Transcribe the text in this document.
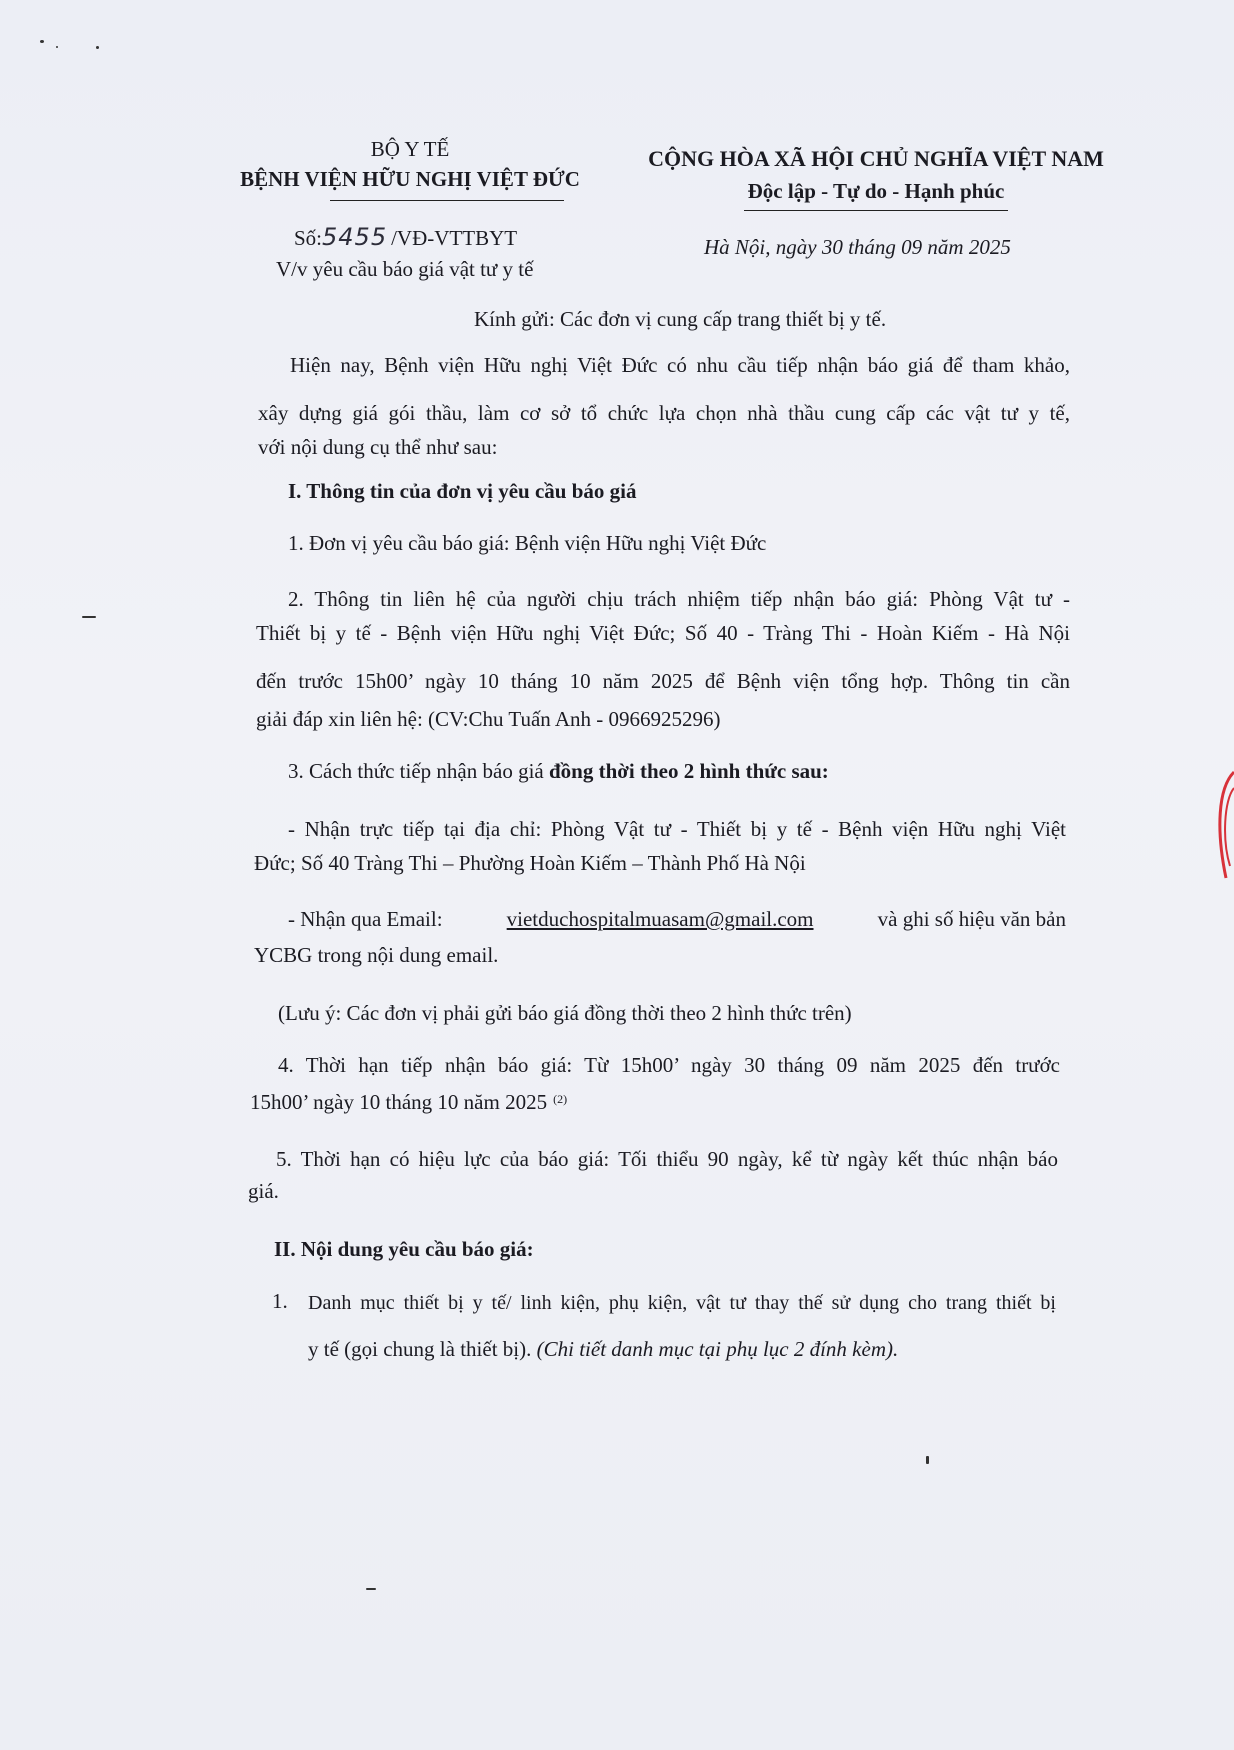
BỘ Y TẾ
BỆNH VIỆN HỮU NGHỊ VIỆT ĐỨC
Số:5455 /VĐ-VTTBYT
V/v yêu cầu báo giá vật tư y tế
CỘNG HÒA XÃ HỘI CHỦ NGHĨA VIỆT NAM
Độc lập - Tự do - Hạnh phúc
Hà Nội, ngày 30 tháng 09 năm 2025
Kính gửi: Các đơn vị cung cấp trang thiết bị y tế.
Hiện nay, Bệnh viện Hữu nghị Việt Đức có nhu cầu tiếp nhận báo giá để tham khảo,
xây dựng giá gói thầu, làm cơ sở tổ chức lựa chọn nhà thầu cung cấp các vật tư y tế,
với nội dung cụ thể như sau:
I. Thông tin của đơn vị yêu cầu báo giá
1. Đơn vị yêu cầu báo giá: Bệnh viện Hữu nghị Việt Đức
2. Thông tin liên hệ của người chịu trách nhiệm tiếp nhận báo giá: Phòng Vật tư -
Thiết bị y tế - Bệnh viện Hữu nghị Việt Đức; Số 40 - Tràng Thi - Hoàn Kiếm - Hà Nội
đến trước 15h00’ ngày 10 tháng 10 năm 2025 để Bệnh viện tổng hợp. Thông tin cần
giải đáp xin liên hệ: (CV:Chu Tuấn Anh - 0966925296)
3. Cách thức tiếp nhận báo giá đồng thời theo 2 hình thức sau:
- Nhận trực tiếp tại địa chỉ: Phòng Vật tư - Thiết bị y tế - Bệnh viện Hữu nghị Việt
Đức; Số 40 Tràng Thi – Phường Hoàn Kiếm – Thành Phố Hà Nội
- Nhận qua Email:	vietduchospitalmuasam@gmail.com	và ghi số hiệu văn bản
YCBG trong nội dung email.
(Lưu ý: Các đơn vị phải gửi báo giá đồng thời theo 2 hình thức trên)
4. Thời hạn tiếp nhận báo giá: Từ 15h00’ ngày 30 tháng 09 năm 2025 đến trước
15h00’ ngày 10 tháng 10 năm 2025 $^{(2)}$
5. Thời hạn có hiệu lực của báo giá: Tối thiểu 90 ngày, kể từ ngày kết thúc nhận báo
giá.
II. Nội dung yêu cầu báo giá:
1. Danh mục thiết bị y tế/ linh kiện, phụ kiện, vật tư thay thế sử dụng cho trang thiết bị
y tế (gọi chung là thiết bị). (Chi tiết danh mục tại phụ lục 2 đính kèm).
